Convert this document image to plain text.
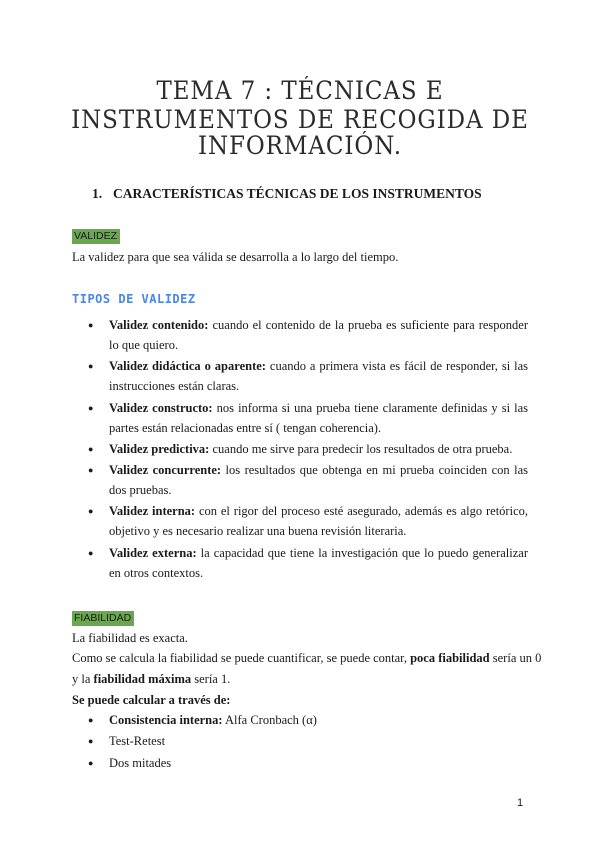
TEMA 7 : TÉCNICAS E INSTRUMENTOS DE RECOGIDA DE
INFORMACIÓN.
1. CARACTERÍSTICAS TÉCNICAS DE LOS INSTRUMENTOS
VALIDEZ
La validez para que sea válida se desarrolla a lo largo del tiempo.
TIPOS DE VALIDEZ
● Validez contenido: cuando el contenido de la prueba es suficiente para responder lo que quiero.
● Validez didáctica o aparente: cuando a primera vista es fácil de responder, si las instrucciones están claras.
● Validez constructo: nos informa si una prueba tiene claramente definidas y si las partes están relacionadas entre sí ( tengan coherencia).
● Validez predictiva: cuando me sirve para predecir los resultados de otra prueba.
● Validez concurrente: los resultados que obtenga en mi prueba coinciden con las dos pruebas.
● Validez interna: con el rigor del proceso esté asegurado, además es algo retórico, objetivo y es necesario realizar una buena revisión literaria.
● Validez externa: la capacidad que tiene la investigación que lo puedo generalizar en otros contextos.
FIABILIDAD
La fiabilidad es exacta.
Como se calcula la fiabilidad se puede cuantificar, se puede contar, poca fiabilidad sería un 0
y la fiabilidad máxima sería 1.
Se puede calcular a través de:
● Consistencia interna: Alfa Cronbach (α)
● Test-Retest
● Dos mitades
1
